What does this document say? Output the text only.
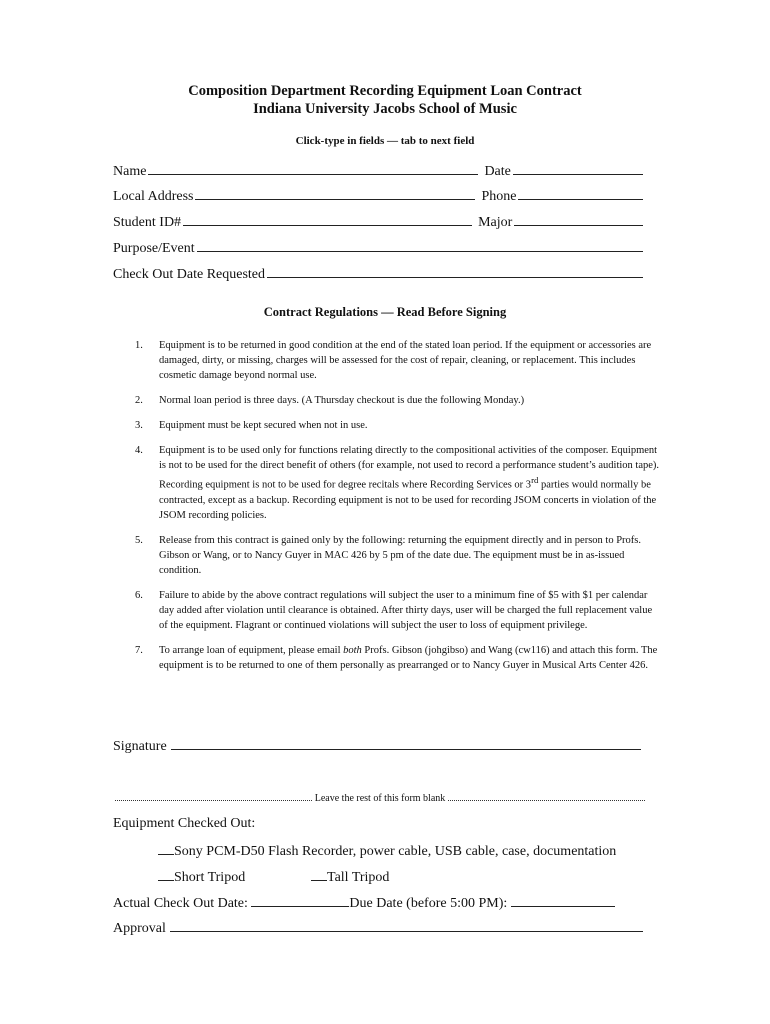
Composition Department Recording Equipment Loan Contract
Indiana University Jacobs School of Music
Click-type in fields — tab to next field
Name	Date
Local Address	Phone
Student ID#	Major
Purpose/Event
Check Out Date Requested
Contract Regulations — Read Before Signing
1.	Equipment is to be returned in good condition at the end of the stated loan period. If the equipment or accessories are damaged, dirty, or missing, charges will be assessed for the cost of repair, cleaning, or replacement. This includes cosmetic damage beyond normal use.
2.	Normal loan period is three days. (A Thursday checkout is due the following Monday.)
3.	Equipment must be kept secured when not in use.
4.	Equipment is to be used only for functions relating directly to the compositional activities of the composer. Equipment is not to be used for the direct benefit of others (for example, not used to record a performance student’s audition tape). Recording equipment is not to be used for degree recitals where Recording Services or 3rd parties would normally be contracted, except as a backup. Recording equipment is not to be used for recording JSOM concerts in violation of the JSOM recording policies.
5.	Release from this contract is gained only by the following: returning the equipment directly and in person to Profs. Gibson or Wang, or to Nancy Guyer in MAC 426 by 5 pm of the date due. The equipment must be in as-issued condition.
6.	Failure to abide by the above contract regulations will subject the user to a minimum fine of $5 with $1 per calendar day added after violation until clearance is obtained. After thirty days, user will be charged the full replacement value of the equipment. Flagrant or continued violations will subject the user to loss of equipment privilege.
7.	To arrange loan of equipment, please email both Profs. Gibson (johgibso) and Wang (cw116) and attach this form. The equipment is to be returned to one of them personally as prearranged or to Nancy Guyer in Musical Arts Center 426.
Signature
Leave the rest of this form blank
Equipment Checked Out:
Sony PCM-D50 Flash Recorder, power cable, USB cable, case, documentation
Short Tripod	Tall Tripod
Actual Check Out Date:	Due Date (before 5:00 PM):
Approval
